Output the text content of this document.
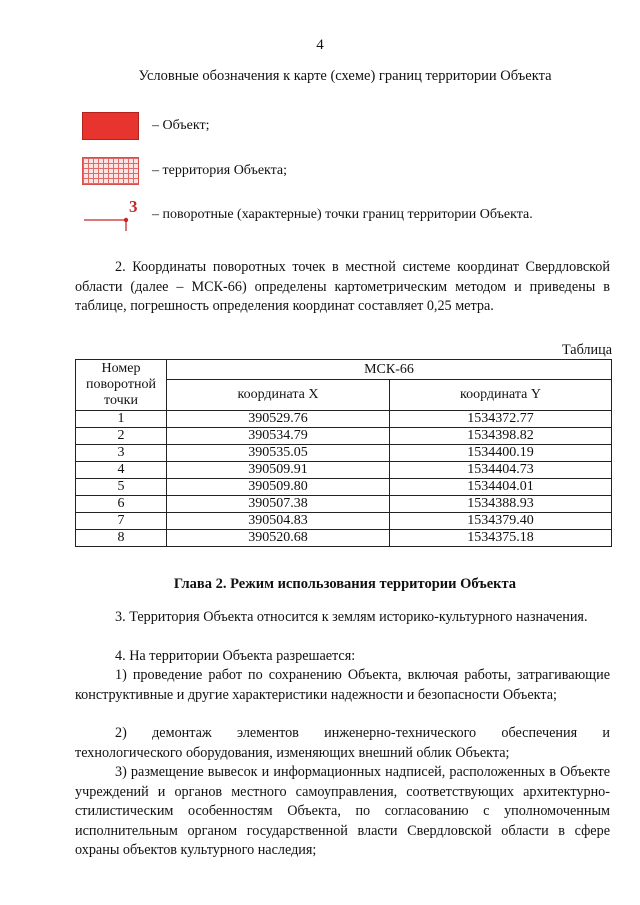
4
Условные обозначения к карте (схеме) границ территории Объекта
– Объект;
– территория Объекта;
3 – поворотные (характерные) точки границ территории Объекта.
2. Координаты поворотных точек в местной системе координат Свердловской области (далее – МСК-66) определены картометрическим методом и приведены в таблице, погрешность определения координат составляет 0,25 метра.
Таблица
Номер поворотной точки	МСК-66	
	координата X	координата Y
1	390529.76	1534372.77
2	390534.79	1534398.82
3	390535.05	1534400.19
4	390509.91	1534404.73
5	390509.80	1534404.01
6	390507.38	1534388.93
7	390504.83	1534379.40
8	390520.68	1534375.18
Глава 2. Режим использования территории Объекта
3. Территория Объекта относится к землям историко-культурного назначения.
4. На территории Объекта разрешается:
1) проведение работ по сохранению Объекта, включая работы, затрагивающие конструктивные и другие характеристики надежности и безопасности Объекта;
2) демонтаж элементов инженерно-технического обеспечения и технологического оборудования, изменяющих внешний облик Объекта;
3) размещение вывесок и информационных надписей, расположенных в Объекте учреждений и органов местного самоуправления, соответствующих архитектурно-стилистическим особенностям Объекта, по согласованию с уполномоченным исполнительным органом государственной власти Свердловской области в сфере охраны объектов культурного наследия;
